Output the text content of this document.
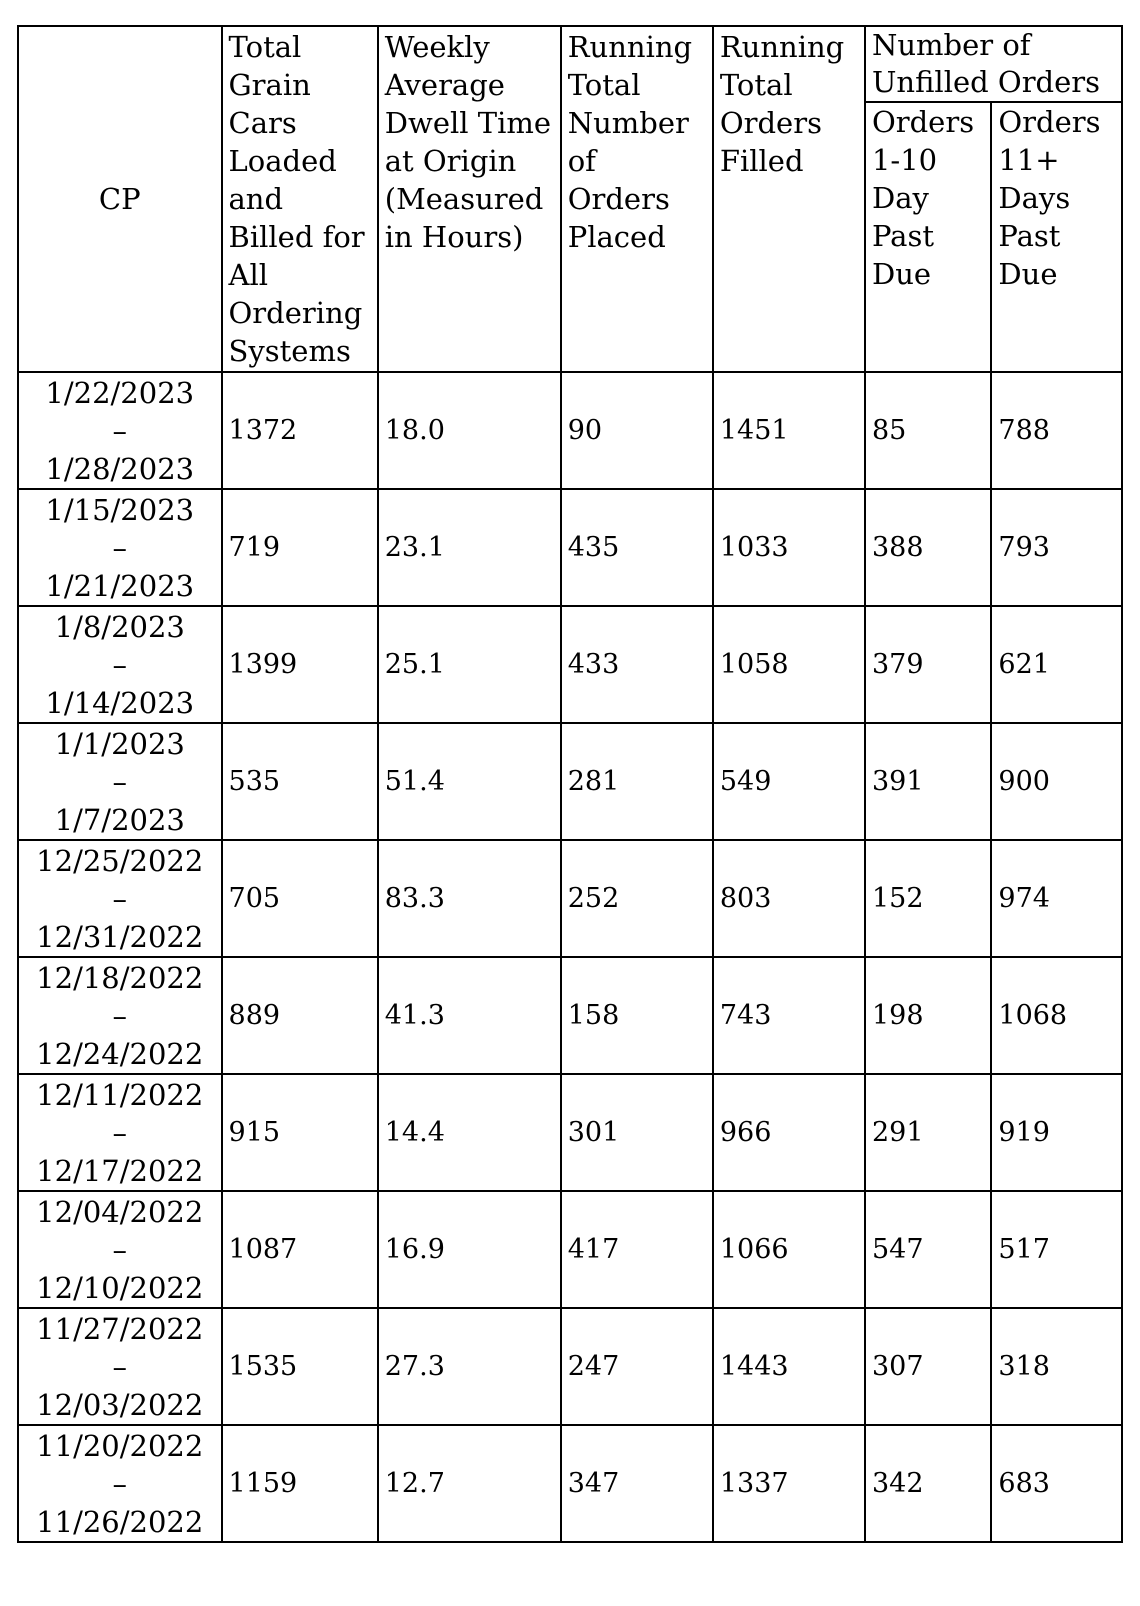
CP	Total Grain Cars Loaded and Billed for All Ordering Systems	Weekly Average Dwell Time at Origin (Measured in Hours)	Running Total Number of Orders Placed	Running Total Orders Filled	Number of Unfilled Orders	
					Orders 1-10 Day Past Due	Orders 11+ Days Past Due

1/22/2023
–
1/28/2023	1372	18.0	90	1451	85	788

1/15/2023
–
1/21/2023	719	23.1	435	1033	388	793

1/8/2023
–
1/14/2023	1399	25.1	433	1058	379	621

1/1/2023
–
1/7/2023	535	51.4	281	549	391	900

12/25/2022
–
12/31/2022	705	83.3	252	803	152	974

12/18/2022
–
12/24/2022	889	41.3	158	743	198	1068

12/11/2022
–
12/17/2022	915	14.4	301	966	291	919

12/04/2022
–
12/10/2022	1087	16.9	417	1066	547	517

11/27/2022
–
12/03/2022	1535	27.3	247	1443	307	318

11/20/2022
–
11/26/2022	1159	12.7	347	1337	342	683
